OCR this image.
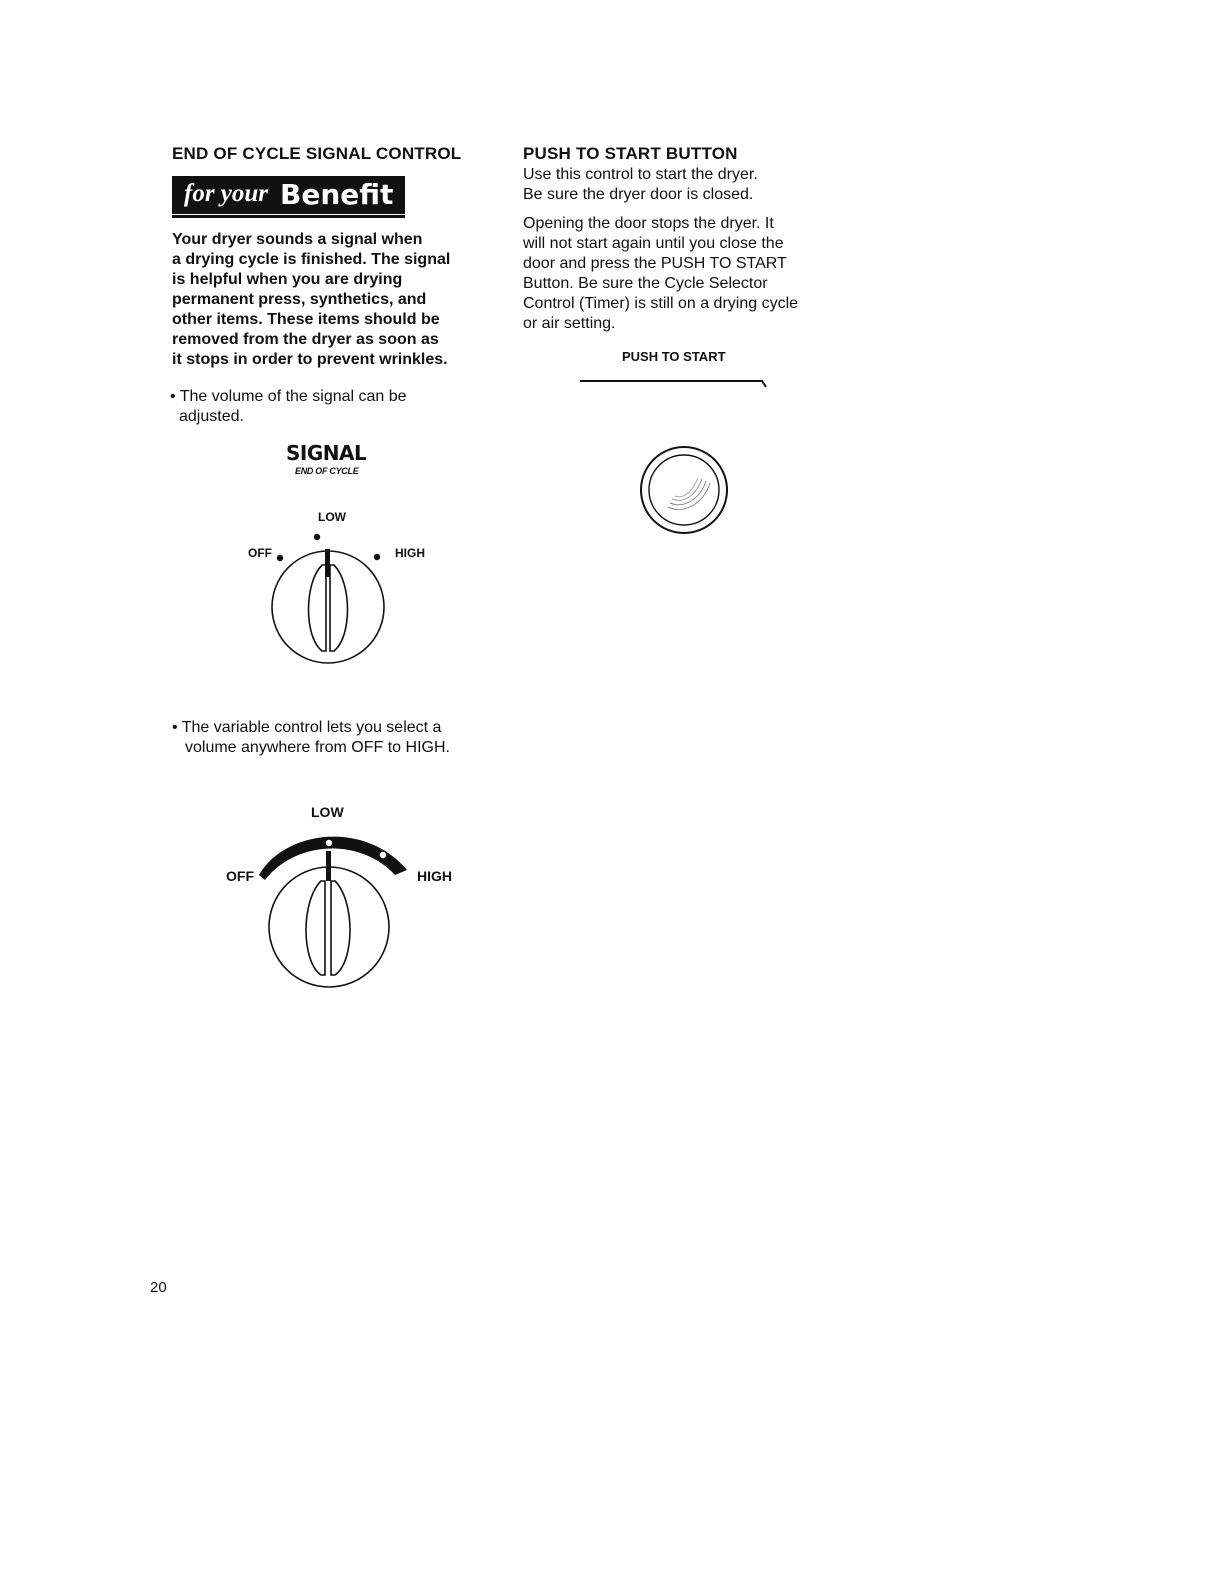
END OF CYCLE SIGNAL CONTROL
for your Benefit
Your dryer sounds a signal when
a drying cycle is finished. The signal
is helpful when you are drying
permanent press, synthetics, and
other items. These items should be
removed from the dryer as soon as
it stops in order to prevent wrinkles.
• The volume of the signal can be
adjusted.
SIGNAL
END OF CYCLE
LOW
OFF	HIGH
• The variable control lets you select a
volume anywhere from OFF to HIGH.
LOW
OFF	HIGH
20
PUSH TO START BUTTON
Use this control to start the dryer.
Be sure the dryer door is closed.
Opening the door stops the dryer. It
will not start again until you close the
door and press the PUSH TO START
Button. Be sure the Cycle Selector
Control (Timer) is still on a drying cycle
or air setting.
PUSH TO START
